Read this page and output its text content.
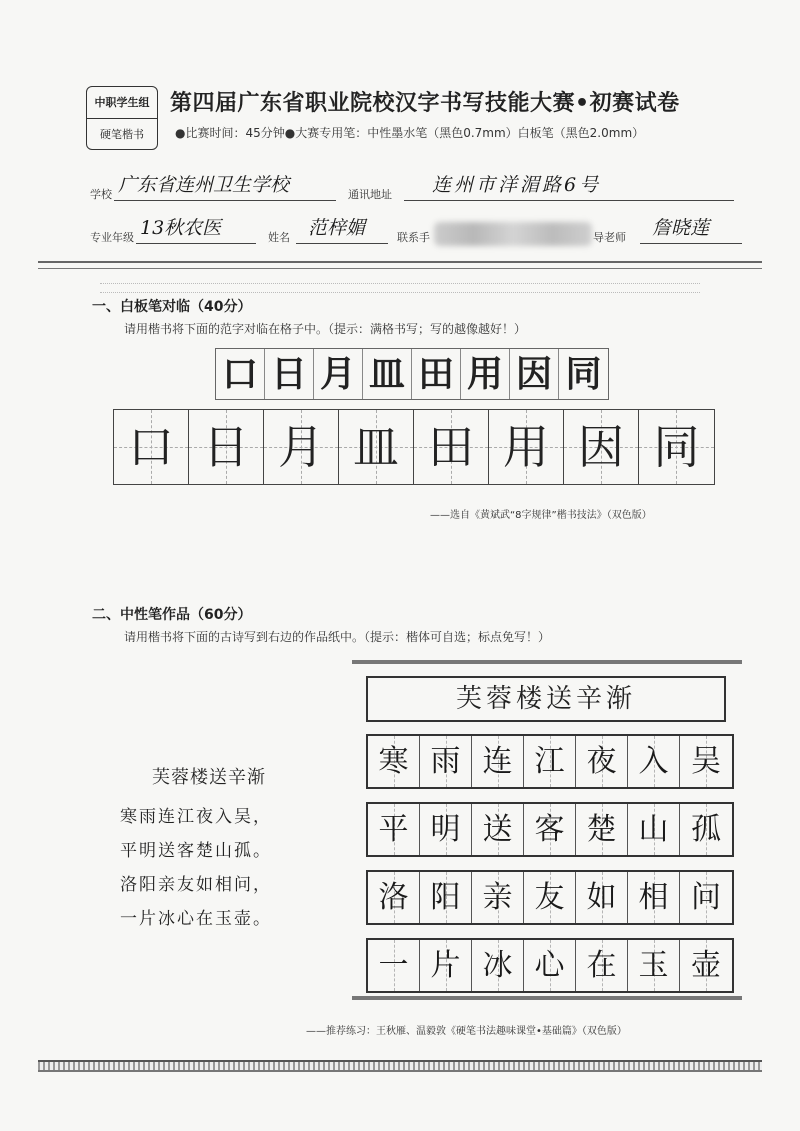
中职学生组
硬笔楷书
第四届广东省职业院校汉字书写技能大赛•初赛试卷
●比赛时间：45分钟●大赛专用笔：中性墨水笔（黑色0.7mm）白板笔（黑色2.0mm）
学校 广东省连州卫生学校	通讯地址 连州市洋湄路6号
专业年级 13秋农医	姓名 范梓媚	联系手	导老师 詹晓莲
一、白板笔对临（40分）
请用楷书将下面的范字对临在格子中。（提示：满格书写；写的越像越好！）
口 日 月 皿 田 用 因 同
口 日 月 皿 田 用 因 同
——选自《黄斌武“8字规律”楷书技法》（双色版）
二、中性笔作品（60分）
请用楷书将下面的古诗写到右边的作品纸中。（提示：楷体可自选；标点免写！）
芙蓉楼送辛渐
寒雨连江夜入吴，
平明送客楚山孤。
洛阳亲友如相问，
一片冰心在玉壶。
芙蓉楼送辛渐
寒 雨 连 江 夜 入 吴
平 明 送 客 楚 山 孤
洛 阳 亲 友 如 相 问
一 片 冰 心 在 玉 壶
——推荐练习：王秋雁、温毅敦《硬笔书法趣味课堂•基础篇》（双色版）
